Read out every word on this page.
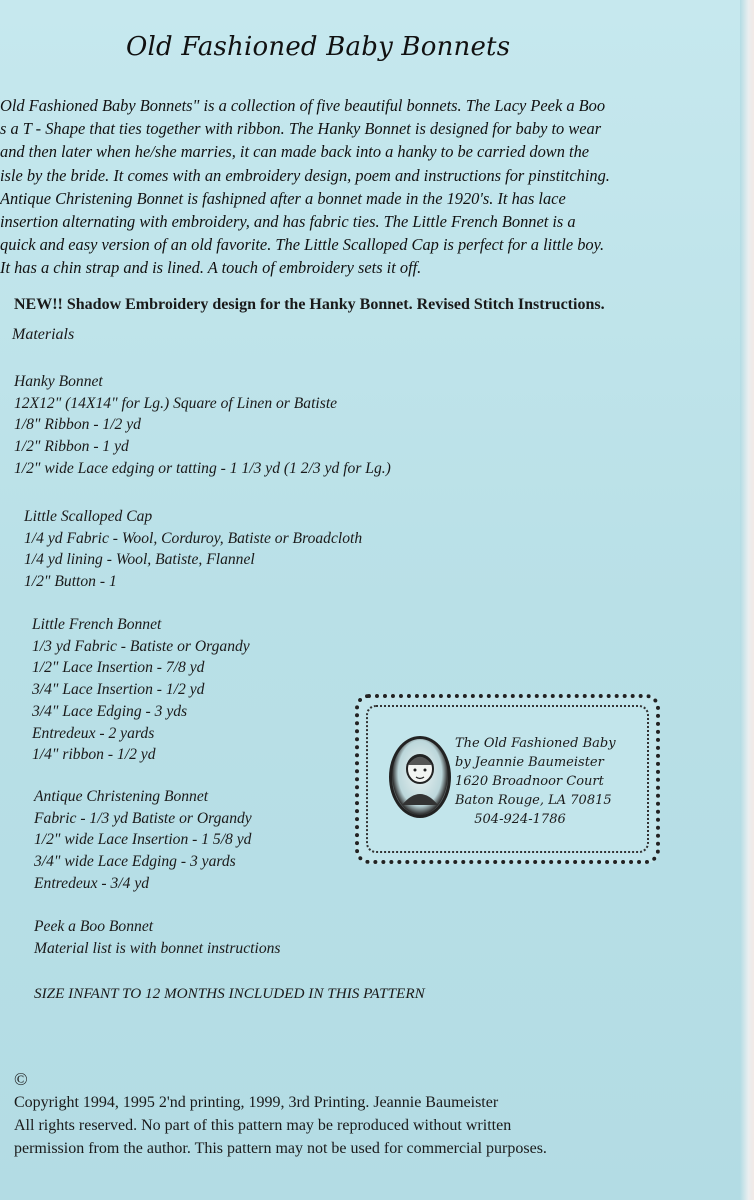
Old Fashioned Baby Bonnets

Old Fashioned Baby Bonnets" is a collection of five beautiful bonnets. The Lacy Peek a Boo

s a T - Shape that ties together with ribbon. The Hanky Bonnet is designed for baby to wear

and then later when he/she marries, it can made back into a hanky to be carried down the

isle by the bride. It comes with an embroidery design, poem and instructions for pinstitching.

Antique Christening Bonnet is fashipned after a bonnet made in the 1920's. It has lace

insertion alternating with embroidery, and has fabric ties. The Little French Bonnet is a

quick and easy version of an old favorite. The Little Scalloped Cap is perfect for a little boy.

It has a chin strap and is lined. A touch of embroidery sets it off.

NEW!! Shadow Embroidery design for the Hanky Bonnet. Revised Stitch Instructions.
Materials
Hanky Bonnet
12X12" (14X14" for Lg.) Square of Linen or Batiste
1/8" Ribbon - 1/2 yd
1/2" Ribbon - 1 yd
1/2" wide Lace edging or tatting - 1 1/3 yd (1 2/3 yd for Lg.)
Little Scalloped Cap
1/4 yd Fabric - Wool, Corduroy, Batiste or Broadcloth
1/4 yd lining - Wool, Batiste, Flannel
1/2" Button - 1
Little French Bonnet
1/3 yd Fabric - Batiste or Organdy
1/2" Lace Insertion - 7/8 yd
3/4" Lace Insertion - 1/2 yd
3/4" Lace Edging - 3 yds
Entredeux - 2 yards
1/4" ribbon - 1/2 yd
Antique Christening Bonnet
Fabric - 1/3 yd Batiste or Organdy
1/2" wide Lace Insertion - 1 5/8 yd
3/4" wide Lace Edging - 3 yards
Entredeux - 3/4 yd
Peek a Boo Bonnet
Material list is with bonnet instructions
SIZE INFANT TO 12 MONTHS INCLUDED IN THIS PATTERN
The Old Fashioned Baby
by Jeannie Baumeister
1620 Broadnoor Court
Baton Rouge, LA 70815
504-924-1786
©
Copyright 1994, 1995 2'nd printing, 1999, 3rd Printing. Jeannie Baumeister
All rights reserved. No part of this pattern may be reproduced without written
permission from the author. This pattern may not be used for commercial purposes.
